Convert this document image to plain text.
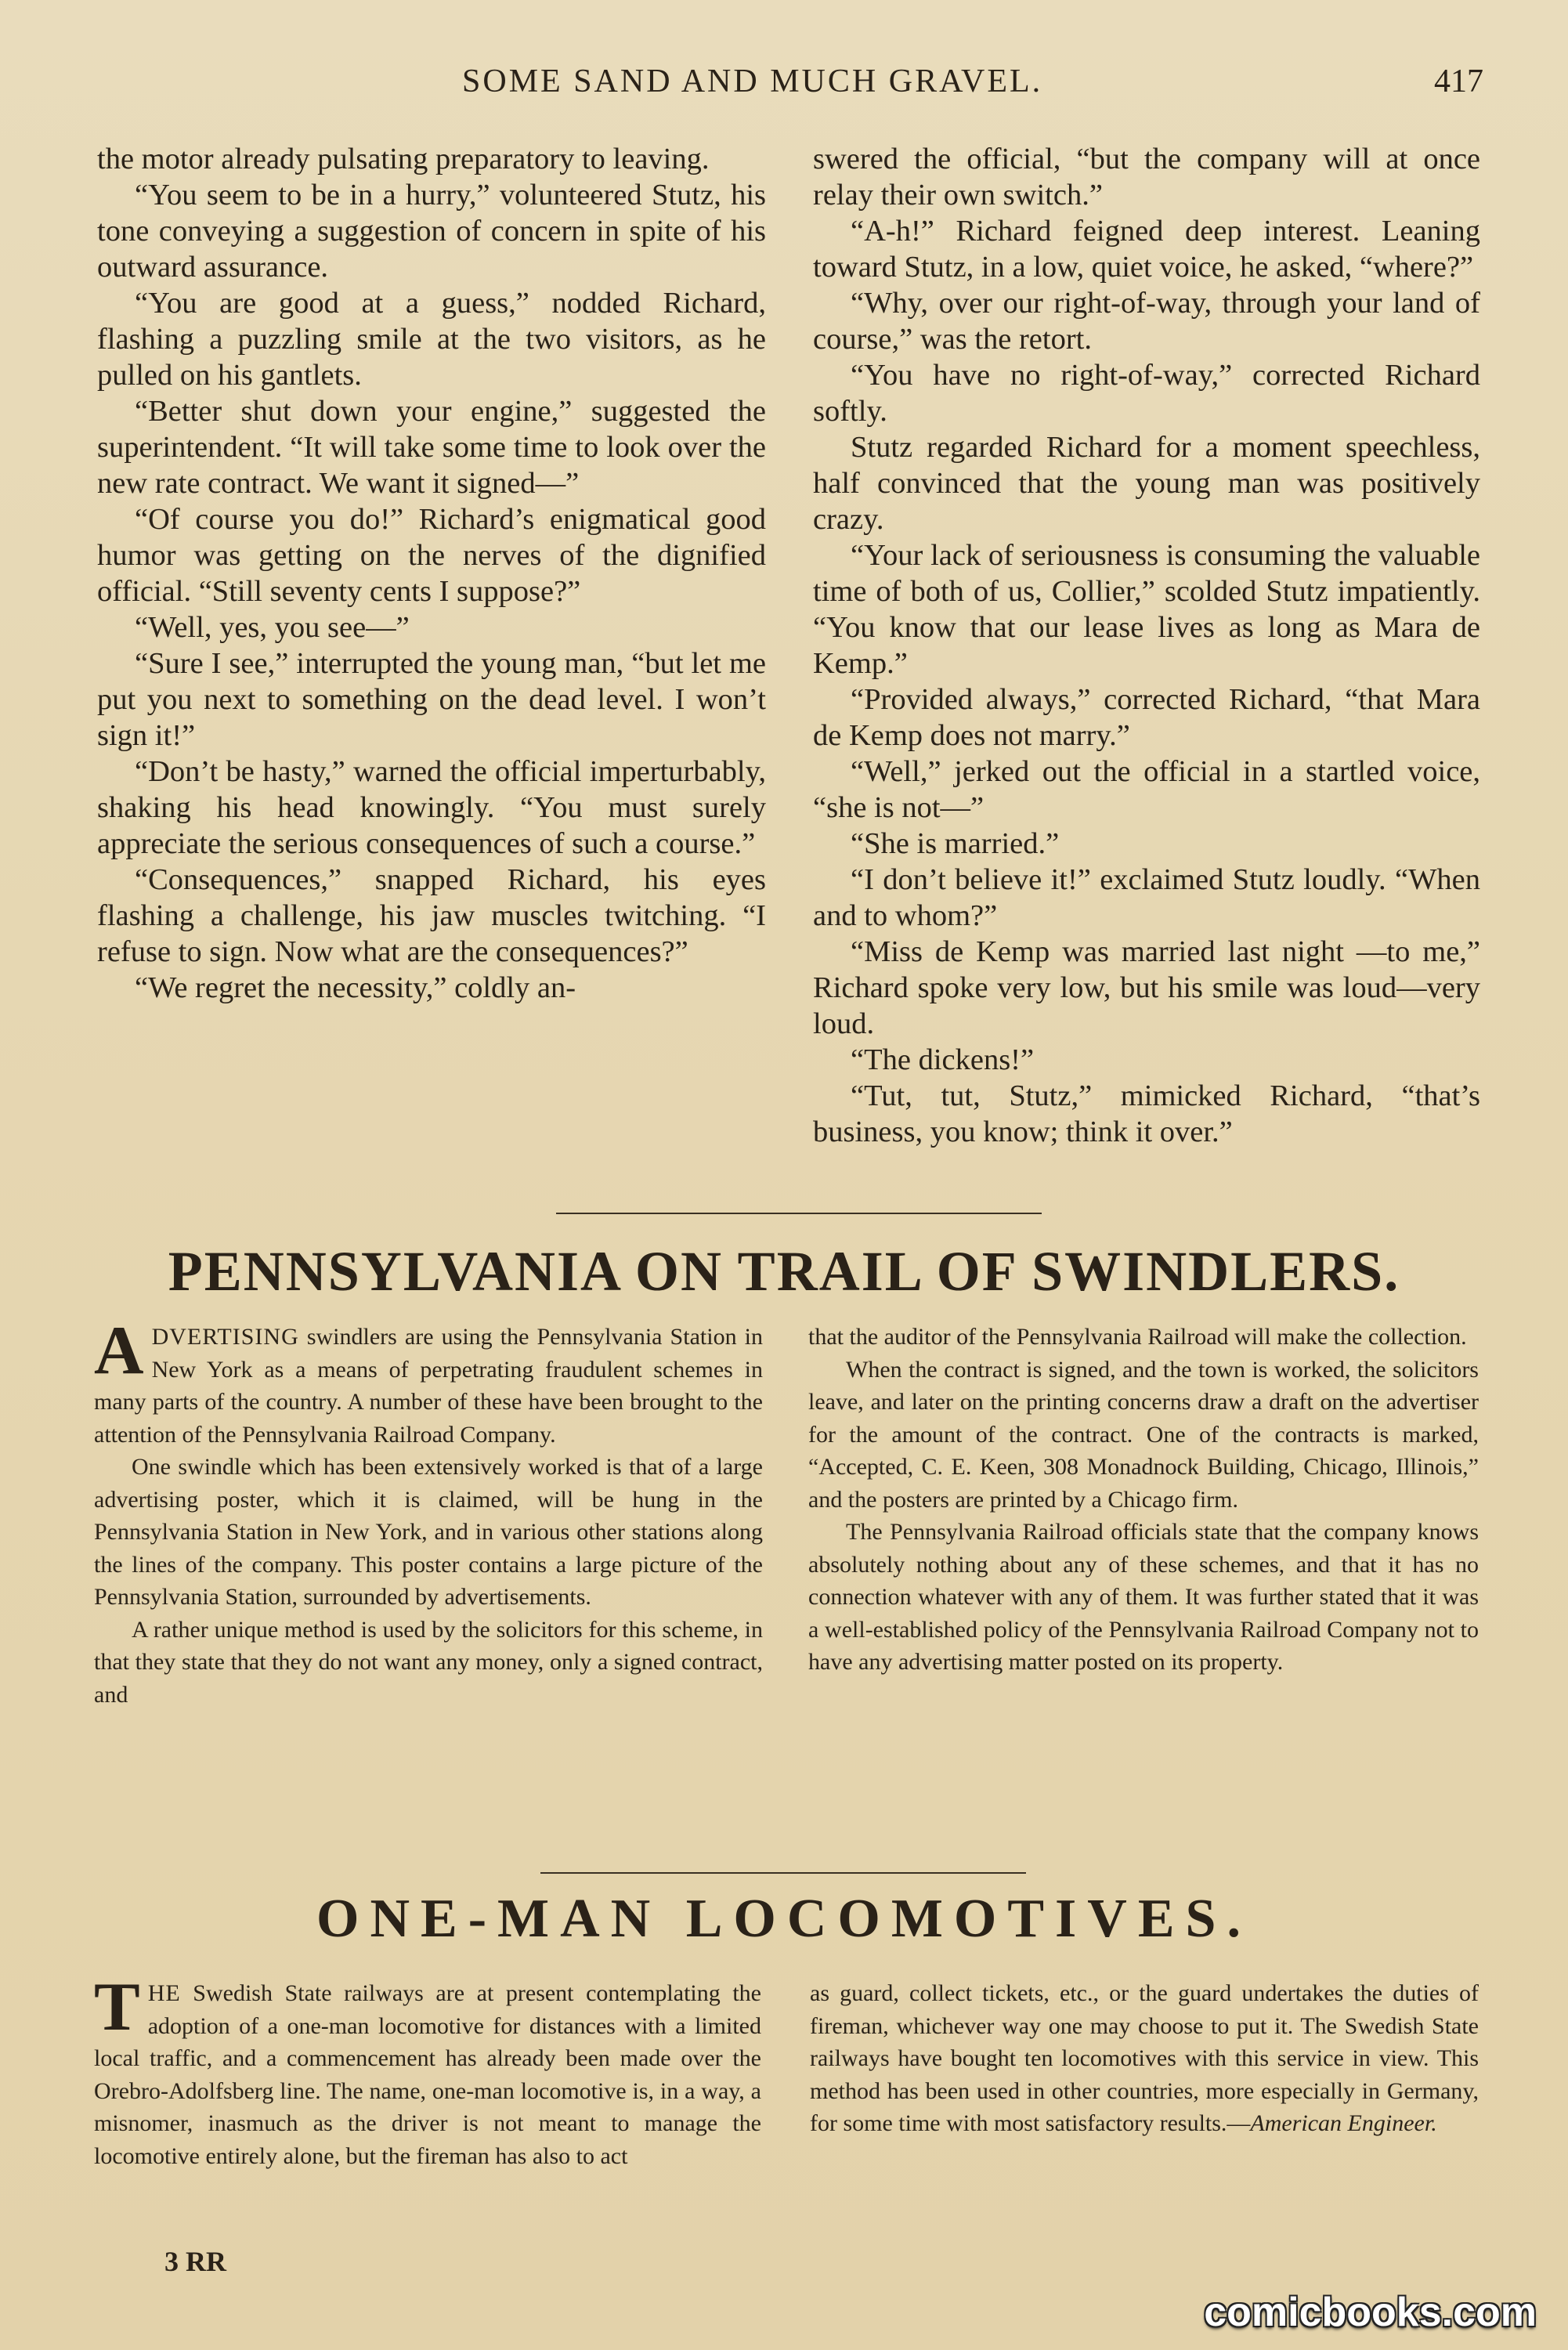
SOME SAND AND MUCH GRAVEL.	417

the motor already pulsating preparatory to leaving.

“You seem to be in a hurry,” volunteered Stutz, his tone conveying a suggestion of concern in spite of his outward assurance.

“You are good at a guess,” nodded Richard, flashing a puzzling smile at the two visitors, as he pulled on his gantlets.

“Better shut down your engine,” suggested the superintendent. “It will take some time to look over the new rate contract. We want it signed—”

“Of course you do!” Richard’s enigmatical good humor was getting on the nerves of the dignified official. “Still seventy cents I suppose?”

“Well, yes, you see—”

“Sure I see,” interrupted the young man, “but let me put you next to something on the dead level. I won’t sign it!”

“Don’t be hasty,” warned the official imperturbably, shaking his head knowingly. “You must surely appreciate the serious consequences of such a course.”

“Consequences,” snapped Richard, his eyes flashing a challenge, his jaw muscles twitching. “I refuse to sign. Now what are the consequences?”

“We regret the necessity,” coldly an-

swered the official, “but the company will at once relay their own switch.”

“A-h!” Richard feigned deep interest. Leaning toward Stutz, in a low, quiet voice, he asked, “where?”

“Why, over our right-of-way, through your land of course,” was the retort.

“You have no right-of-way,” corrected Richard softly.

Stutz regarded Richard for a moment speechless, half convinced that the young man was positively crazy.

“Your lack of seriousness is consuming the valuable time of both of us, Collier,” scolded Stutz impatiently. “You know that our lease lives as long as Mara de Kemp.”

“Provided always,” corrected Richard, “that Mara de Kemp does not marry.”

“Well,” jerked out the official in a startled voice, “she is not—”

“She is married.”

“I don’t believe it!” exclaimed Stutz loudly. “When and to whom?”

“Miss de Kemp was married last night —to me,” Richard spoke very low, but his smile was loud—very loud.

“The dickens!”

“Tut, tut, Stutz,” mimicked Richard, “that’s business, you know; think it over.”

PENNSYLVANIA ON TRAIL OF SWINDLERS.

ADVERTISING swindlers are using the Pennsylvania Station in New York as a means of perpetrating fraudulent schemes in many parts of the country. A number of these have been brought to the attention of the Pennsylvania Railroad Company.

One swindle which has been extensively worked is that of a large advertising poster, which it is claimed, will be hung in the Pennsylvania Station in New York, and in various other stations along the lines of the company. This poster contains a large picture of the Pennsylvania Station, surrounded by advertisements.

A rather unique method is used by the solicitors for this scheme, in that they state that they do not want any money, only a signed contract, and

that the auditor of the Pennsylvania Railroad will make the collection.

When the contract is signed, and the town is worked, the solicitors leave, and later on the printing concerns draw a draft on the advertiser for the amount of the contract. One of the contracts is marked, “Accepted, C. E. Keen, 308 Monadnock Building, Chicago, Illinois,” and the posters are printed by a Chicago firm.

The Pennsylvania Railroad officials state that the company knows absolutely nothing about any of these schemes, and that it has no connection whatever with any of them. It was further stated that it was a well-established policy of the Pennsylvania Railroad Company not to have any advertising matter posted on its property.

ONE-MAN LOCOMOTIVES.

THE Swedish State railways are at present contemplating the adoption of a one-man locomotive for distances with a limited local traffic, and a commencement has already been made over the Orebro-Adolfsberg line. The name, one-man locomotive is, in a way, a misnomer, inasmuch as the driver is not meant to manage the locomotive entirely alone, but the fireman has also to act

as guard, collect tickets, etc., or the guard undertakes the duties of fireman, whichever way one may choose to put it. The Swedish State railways have bought ten locomotives with this service in view. This method has been used in other countries, more especially in Germany, for some time with most satisfactory results.—American Engineer.

3 RR
comicbooks.com
